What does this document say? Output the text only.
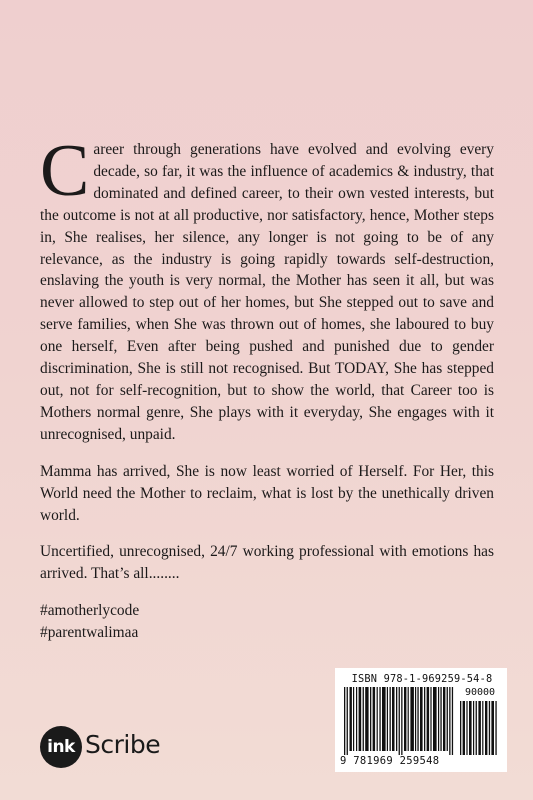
Career through generations have evolved and evolving every decade, so far, it was the influence of academics & industry, that dominated and defined career, to their own vested interests, but the outcome is not at all productive, nor satisfactory, hence, Mother steps in, She realises, her silence, any longer is not going to be of any relevance, as the industry is going rapidly towards self-destruction, enslaving the youth is very normal, the Mother has seen it all, but was never allowed to step out of her homes, but She stepped out to save and serve families, when She was thrown out of homes, she laboured to buy one herself, Even after being pushed and punished due to gender discrimination, She is still not recognised. But TODAY, She has stepped out, not for self-recognition, but to show the world, that Career too is Mothers normal genre, She plays with it everyday, She engages with it unrecognised, unpaid.

Mamma has arrived, She is now least worried of Herself. For Her, this World need the Mother to reclaim, what is lost by the unethically driven world.

Uncertified, unrecognised, 24/7 working professional with emotions has arrived. That’s all........

#amotherlycode
#parentwalimaa

ISBN 978-1-969259-54-8
90000
9 781969 259548
ink Scribe
